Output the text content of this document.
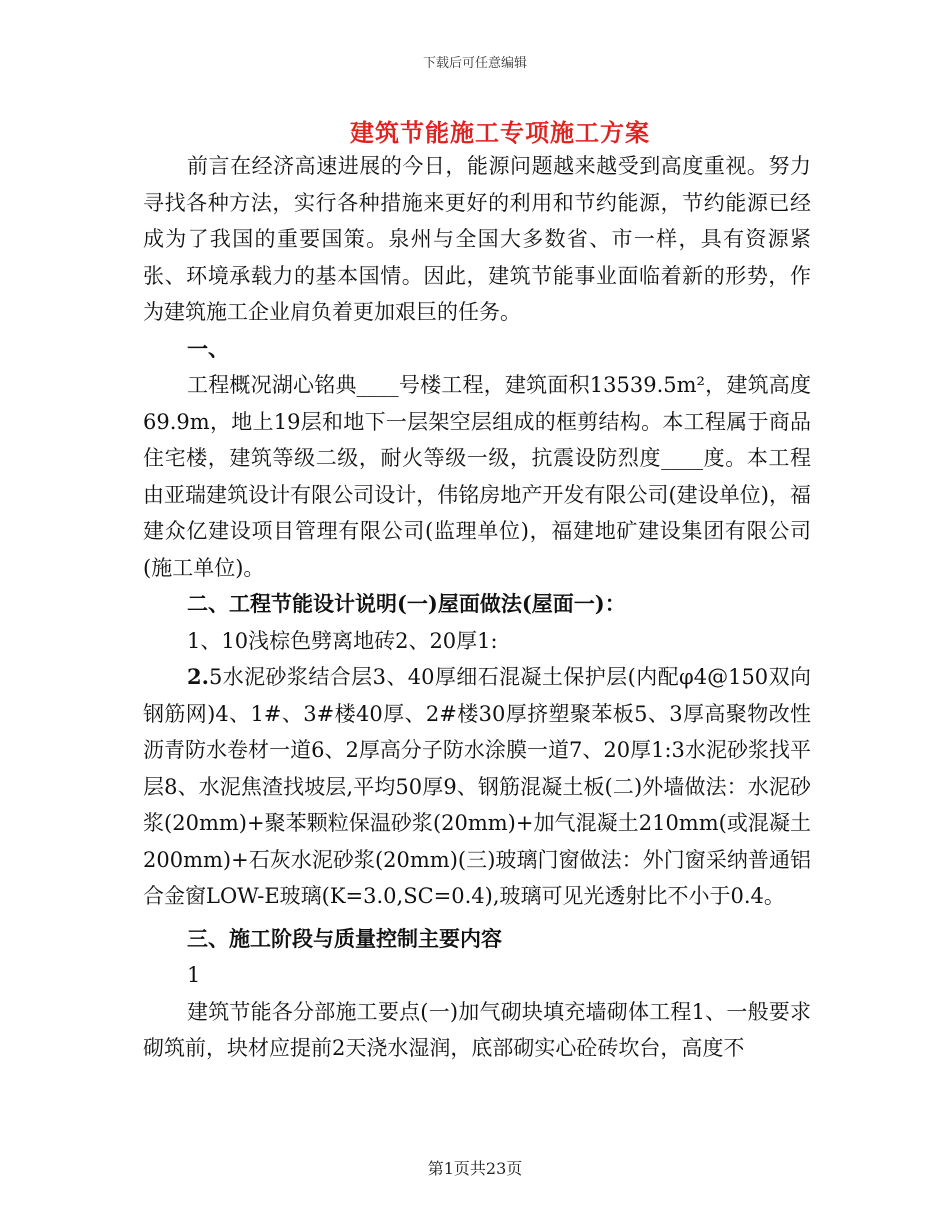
下载后可任意编辑
建筑节能施工专项施工方案

前言在经济高速进展的今日，能源问题越来越受到高度重视。努力寻找各种方法，实行各种措施来更好的利用和节约能源，节约能源已经成为了我国的重要国策。泉州与全国大多数省、市一样，具有资源紧张、环境承载力的基本国情。因此，建筑节能事业面临着新的形势，作为建筑施工企业肩负着更加艰巨的任务。

一、

工程概况湖心铭典____号楼工程，建筑面积13539.5m²，建筑高度69.9m，地上19层和地下一层架空层组成的框剪结构。本工程属于商品住宅楼，建筑等级二级，耐火等级一级，抗震设防烈度____度。本工程由亚瑞建筑设计有限公司设计，伟铭房地产开发有限公司(建设单位)，福建众亿建设项目管理有限公司(监理单位)，福建地矿建设集团有限公司(施工单位)。

二、工程节能设计说明(一)屋面做法(屋面一)：

1、10浅棕色劈离地砖2、20厚1:

2.5水泥砂浆结合层3、40厚细石混凝土保护层(内配φ4@150双向钢筋网)4、1#、3#楼40厚、2#楼30厚挤塑聚苯板5、3厚高聚物改性沥青防水卷材一道6、2厚高分子防水涂膜一道7、20厚1:3水泥砂浆找平层8、水泥焦渣找坡层,平均50厚9、钢筋混凝土板(二)外墙做法：水泥砂浆(20mm)+聚苯颗粒保温砂浆(20mm)+加气混凝土210mm(或混凝土200mm)+石灰水泥砂浆(20mm)(三)玻璃门窗做法：外门窗采纳普通铝合金窗LOW-E玻璃(K=3.0,SC=0.4),玻璃可见光透射比不小于0.4。

三、施工阶段与质量控制主要内容

1

建筑节能各分部施工要点(一)加气砌块填充墙砌体工程1、一般要求砌筑前，块材应提前2天浇水湿润，底部砌实心砼砖坎台，高度不

第1页共23页
